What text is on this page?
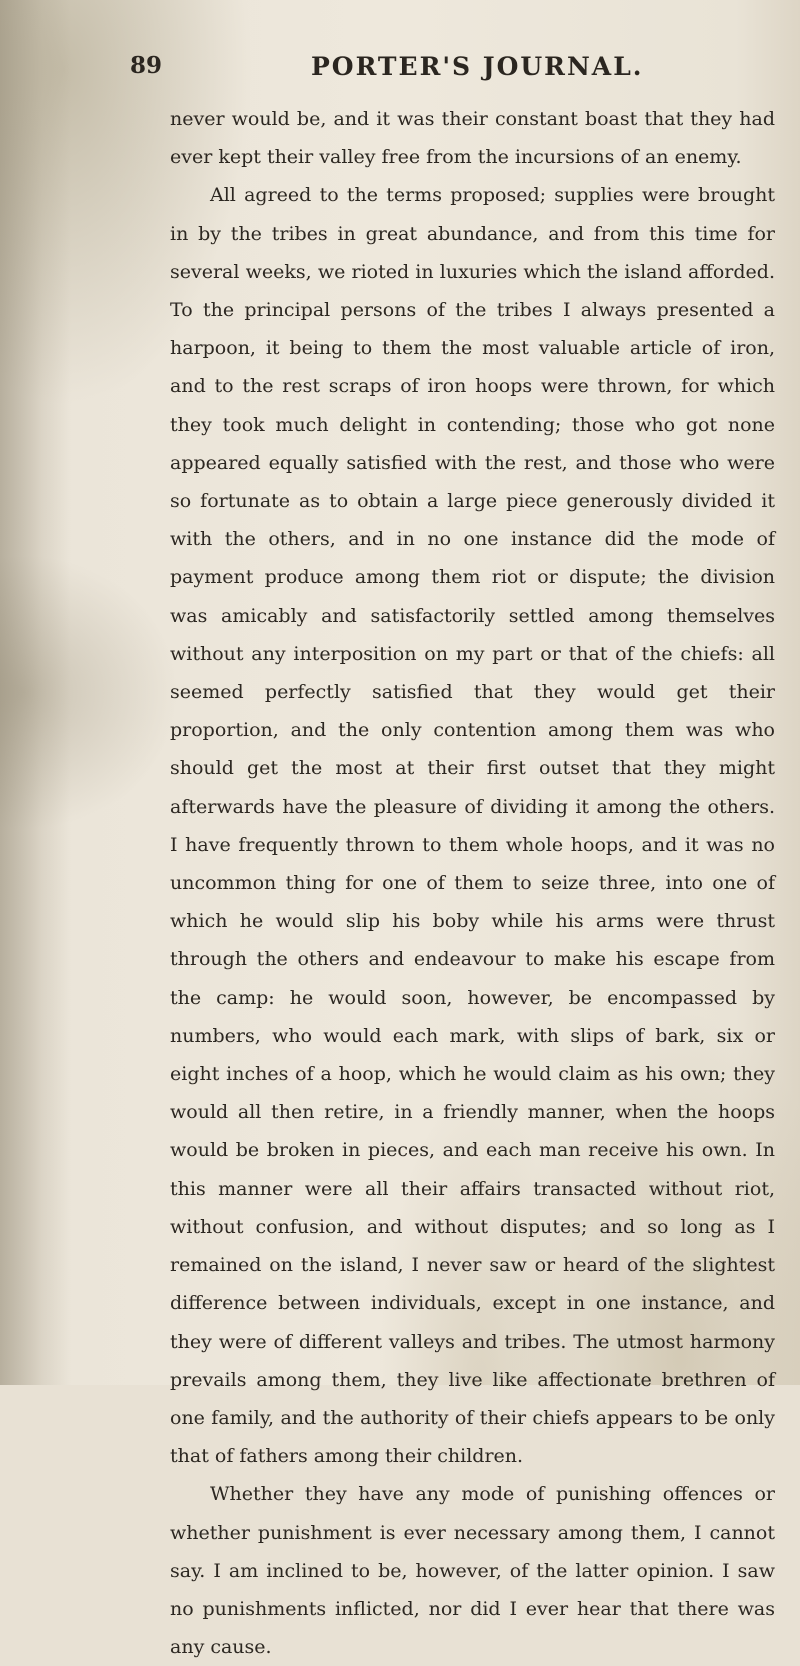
89	PORTER'S JOURNAL.

never would be, and it was their constant boast that they had ever kept their valley free from the incursions of an enemy.

All agreed to the terms proposed; supplies were brought in by the tribes in great abundance, and from this time for several weeks, we rioted in luxuries which the island afforded. To the principal persons of the tribes I always presented a harpoon, it being to them the most valuable article of iron, and to the rest scraps of iron hoops were thrown, for which they took much delight in contending; those who got none appeared equally satisfied with the rest, and those who were so fortunate as to obtain a large piece generously divided it with the others, and in no one instance did the mode of payment produce among them riot or dispute; the division was amicably and satisfactorily settled among themselves without any interposition on my part or that of the chiefs: all seemed perfectly satisfied that they would get their proportion, and the only contention among them was who should get the most at their first outset that they might afterwards have the pleasure of dividing it among the others. I have frequently thrown to them whole hoops, and it was no uncommon thing for one of them to seize three, into one of which he would slip his boby while his arms were thrust through the others and endeavour to make his escape from the camp: he would soon, however, be encompassed by numbers, who would each mark, with slips of bark, six or eight inches of a hoop, which he would claim as his own; they would all then retire, in a friendly manner, when the hoops would be broken in pieces, and each man receive his own. In this manner were all their affairs transacted without riot, without confusion, and without disputes; and so long as I remained on the island, I never saw or heard of the slightest difference between individuals, except in one instance, and they were of different valleys and tribes. The utmost harmony prevails among them, they live like affectionate brethren of one family, and the authority of their chiefs appears to be only that of fathers among their children.

Whether they have any mode of punishing offences or whether punishment is ever necessary among them, I cannot say. I am inclined to be, however, of the latter opinion. I saw no punishments inflicted, nor did I ever hear that there was any cause.
